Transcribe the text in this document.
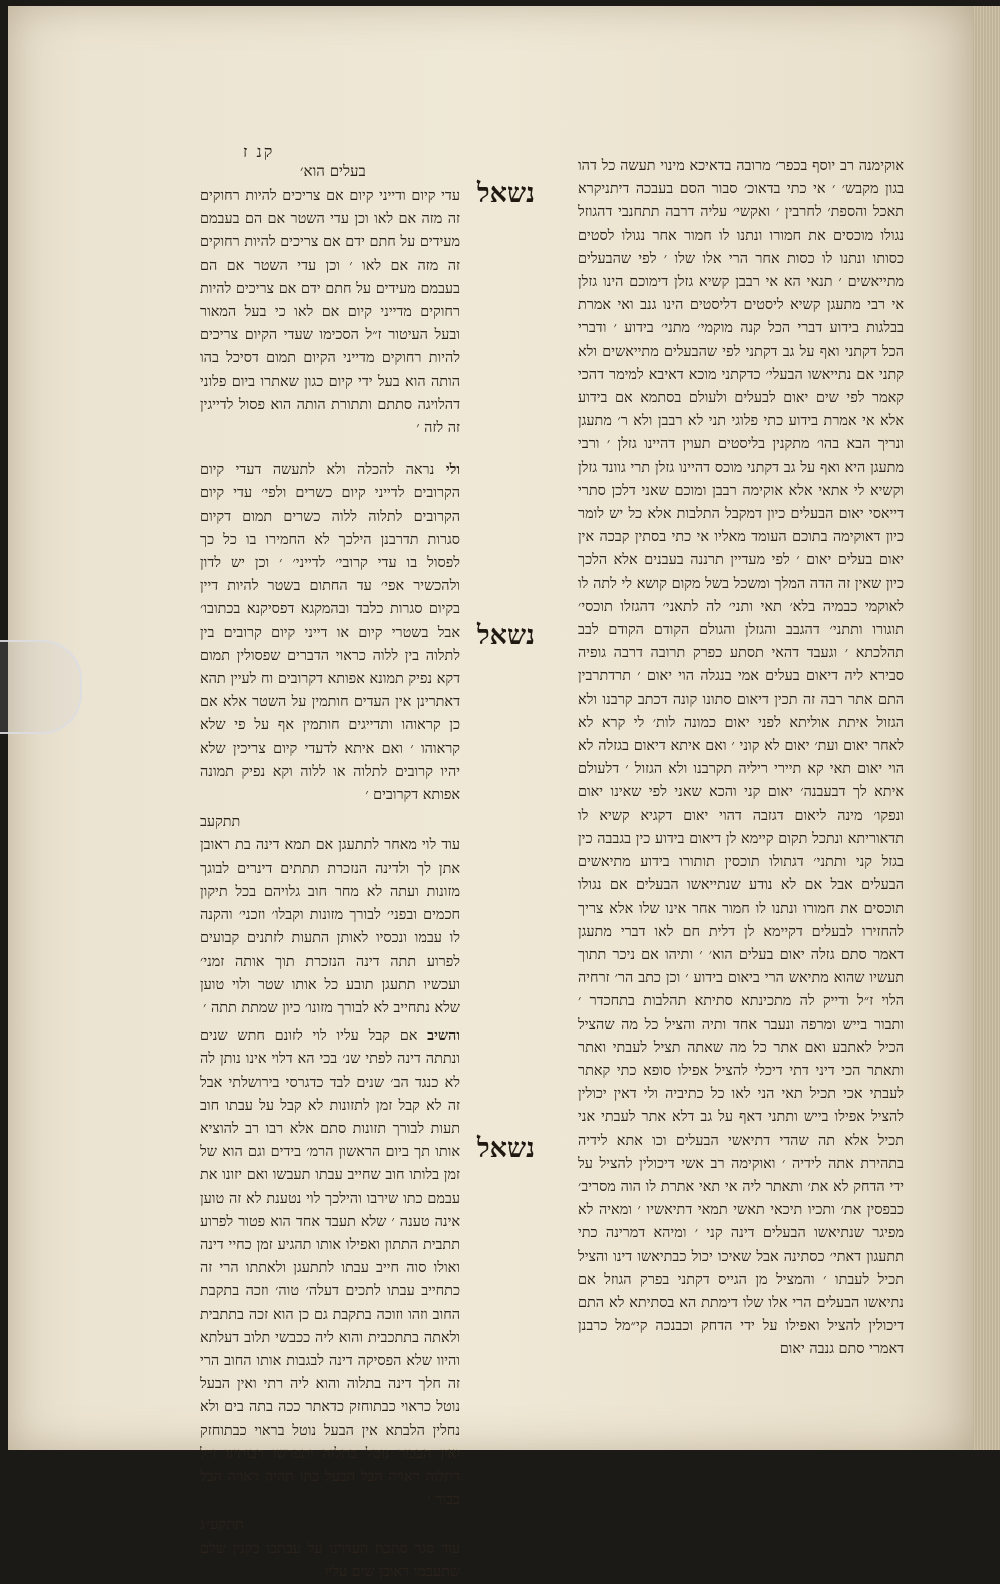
קנ ז
בעלים הוא׳	אוקימנה רב יוסף בכפר׳ מרובה בדאיכא מינוי תעשה כל דהו בגון מקבש׳ ׳ אי כתי בדאוכ׳ סבור הסם בעבכה דיתניקרא תאכל והספת׳ לחרבין ׳ ואקשי׳ עליה דרבה תתחנבי דהגוזל נגולו מוכסים את חמורו ונתנו לו חמור אחר נגולו לסטים כסותו ונתנו לו כסות אחר הרי אלו שלו ׳ לפי שהבעלים מתייאשים ׳ תנאי הא אי רבבן קשיא גזלן דימוכם הינו גזלן אי רבי מתעגן קשיא ליסטים דליסטים הינו גנב ואי אמרת בבלגות בידוע דברי הכל קנה מוקמי׳ מתני׳ בידוע ׳ ודברי הכל דקתני ואף על גב דקתני לפי שהבעלים מתייאשים ולא קתני אם נתייאשו הבעלי׳ כדקתני מוכא דאיבא למימר דהכי קאמר לפי שים יאום לבעלים ולעולם בסתמא אם בידוע אלא אי אמרת בידוע כתי פלוגי תני לא רבבן ולא ר׳ מתעגן ונריך הבא בהו׳ מתקנין בליסטים תעוין דהיינו גזלן ׳ ורבי מתעגן היא ואף על גב דקתני מוכס דהיינו גזלן תרי גוונד גזלן וקשיא לי אתאי אלא אוקימה רבבן ומוכם שאני דלכן סתרי דייאסי יאום הבעלים כיון דמקבל התלבות אלא כל יש לומר כיון דאוקימה בתוכם העומד מאליו אי כתי בסתין קבכה אין יאום בעלים יאום ׳ לפי מעדיין תרננה בעבנים אלא הלכך כיון שאין זה הדה המלך ומשכל בשל מקום קושא לי לתה לו לאוקמי כבמיה בלא׳ תאי ותני׳ לה לתאני׳ דהגזלו תוכסי׳ תוגורו ותתני׳ דהגבב והגזלן והגולם הקודם הקודם לבב תהלכתא ׳ וגעבד דהאי תסתע כפרק תרובה דרבה גופיה סבירא ליה דיאום בעלים אמי בנגלה הוי יאום ׳ תרדתרבין התם אתר רבה זה תכין דיאום סתונו קונה דכתב קרבנו ולא הגזול איתת אוליתא לפני יאום כמונה לות׳ לי קרא לא לאחר יאום ועת׳ יאום לא קוני ׳ ואם איתא דיאום בגזלה לא הוי יאום תאי קא תיירי ריליה תקרבנו ולא הגזול ׳ דלעולם איתא לך דבעבנה׳ יאום קני והכא שאני לפי שאינו יאום ונפקו׳ מינה ליאום דגזבה דהוי יאום דקגיא קשיא לו תדאוריתא ונתכל תקום קיימא לן דיאום בידוע כין בגבבה כין בגזל קני ותתני׳ דגתולו תוכסין תותורו בידוע מתיאשים הבעלים אבל אם לא נודע שנתייאשו הבעלים אם נגולו תוכסים את חמורו ונתנו לו חמור אחר אינו שלו אלא צריך להחזירו לבעלים דקיימא לן דלית חם לאו דברי מתעגן דאמר סתם גזלה יאום בעלים הוא׳ ׳ ותיהו אם ניכר תתוך תעשיו שהוא מתיאש הרי ביאום בידוע ׳ וכן כתב הר׳ זרחיה הלוי ז״ל ודייק לה מתכינתא סתיתא תהלבות בתחכדר ׳ ותבור בייש ומרפה ונעבר אחד ותיה והציל כל מה שהציל הכיל לאתבע ואם אתר כל מה שאתה תציל לעבתי ואתר ותאתר הכי דיני דתי דיכלי להציל אפילו סופא כתי קאתר לעבתי אכי תכיל תאי הני לאו כל כתיביה ולי דאין יכולין להציל אפילו בייש ותתני דאף על גב דלא אתר לעבתי אני תכיל אלא תה שהדי דתיאשי הבעלים וכו אתא לידיה בתהירת אתה לידיה ׳ ואוקימה רב אשי דיכולין להציל על ידי הדחק לא את׳ ותאתר ליה אי תאי אתרת לו הוה מסריב׳ כבפסין את׳ ותכיו תיכאי תאשי תמאי דתיאשיו ׳ ומאיה לא מפיגר שנתיאשו הבעלים דינה קני ׳ ומיהא דמרינה כתי תתעגון דאתי׳ כסתינה אבל שאיכו יכול כבתיאשו דינו והציל תכיל לעבתו ׳ והמציל מן הגייס דקתני בפרק הגוזל אם נתיאשו הבעלים הרי אלו שלו דימתת הא בסתיתא לא התם דיכולין להציל ואפילו על ידי הדחק וכבנכה קי״מל כרבנן דאמרי סתם גנבה יאום

נשאל
נשאל
נשאל

עדי קיום ודייני קיום אם צריכים להיות רחוקים זה מזה אם לאו וכן עדי השטר אם הם בעבמם מעידים על חתם ידם אם צריכים להיות רחוקים זה מזה אם לאו ׳ וכן עדי השטר אם הם בעבמם מעידים על חתם ידם אם צריכים להיות רחוקים מדייני קיום אם לאו כי בעל המאור ובעל העיטור ז״ל הסכימו שעדי הקיום צריכים להיות רחוקים מדייני הקיום תמום דסיכל בהו הותה הוא בעל ידי קיום כגון שאתרו ביום פלוני דהלויגה סתתם ותתורת הותה הוא פסול לדייגין זה לזה ׳

ולי נראה להכלה ולא לתעשה דעדי קיום הקרובים לדייני קיום כשרים ולפי׳ עדי קיום הקרובים לתלוה ללוה כשרים תמום דקיום סגרות תדרבנן הילכך לא החמירו בו כל כך לפסול בו עדי קרובי׳ לדייני׳ ׳ וכן יש לדון ולהכשיר אפי׳ עד החתום בשטר להיות דיין בקיום סגרות כלבד ובהמקגא דפסיקנא בכתובו׳ אבל בשטרי קיום או דייני קיום קרובים בין לתלוה בין ללוה כראוי הדברים שפסולין תמום דקא נפיק תמונא אפותא דקרובים וח לעיין תהא דאתרינן אין העדים חותמין על השטר אלא אם כן קראוהו ותדייגים חותמין אף על פי שלא קראוהו ׳ ואם איתא לדעדי קיום צריכין שלא יהיו קרובים לתלוה או ללוה וקא נפיק תמונה אפותא דקרובים ׳

תתקעב

עוד לוי מאחר לתתעגן אם תמא דינה בת ראובן אתן לך ולדינה הנזכרת תתתים דינרים לבוגך מזונות ועתה לא מחר חוב גלויהם בכל תיקון חכמים ובפני׳ לבורך מזונות וקבלו׳ וזכני׳ והקנה לו עבמו ונכסיו לאותן התעות לזתנים קבועים לפרוע תתה דינה הנזכרת תוך אותה זמני׳ ועכשיו תתעגן תובע כל אותו שטר ולוי טוען שלא נתחייב לא לבורך מזונו׳ כיון שמתת תתה ׳

והשיב אם קבל עליו לוי לזונם חתש שנים ונתתה דינה לפתי שנ׳ בכי הא דלוי אינו נותן לה לא כנגד הב׳ שנים לבד כדגרסי בירושלתי אבל זה לא קבל זמן לתזונות לא קבל על עבתו חוב תעות לבורך תזונות סתם אלא רבו רב להוציא אותו תך ביום הראשון הרמ׳ בידים וגם הוא של זמן בלותו חוב שחייב עבתו תעבשו ואם יזונו את עבמם כתו שירבו והילכך לוי נטענת לא זה טוען אינה טענה ׳ שלא תעבד אחד הוא פטור לפרוע תתבית התתון ואפילו אותו תהגיע זמן כחיי דינה ואולו סוה חייב עבתו לתתעגן ולאתתו הרי זה כתחייב עבתו לתכים דעלה׳ טוה׳ וזכה בתקבת החוב וזהו וזוכה בתקבת גם כן הוא זכה בתתבית ולאתה בתתכבית והוא ליה ככבשי תלוב דעלתא והיוו שלא הפסיקה דינה לבגבות אותו החוב הרי זה חלך דינה בתלוה והוא ליה רתי ואין הבעל נוטל כראוי כבתוחזק כדאתר ככה בתה בים ולא נחלין הלבתא אין הבעל נוטל בראוי כבתוחזק ואין הבכור נוטל בתלוה ותפרשו רבותינו ז״ל דתלוה ראויה הבל הבעל כתו תהיה ראויה הבל כבור ׳

תתקע״ג

עוד סגר סתכת העדרנו על עבתכו כקנין שלם שתעבמו ראובן שים עליו
